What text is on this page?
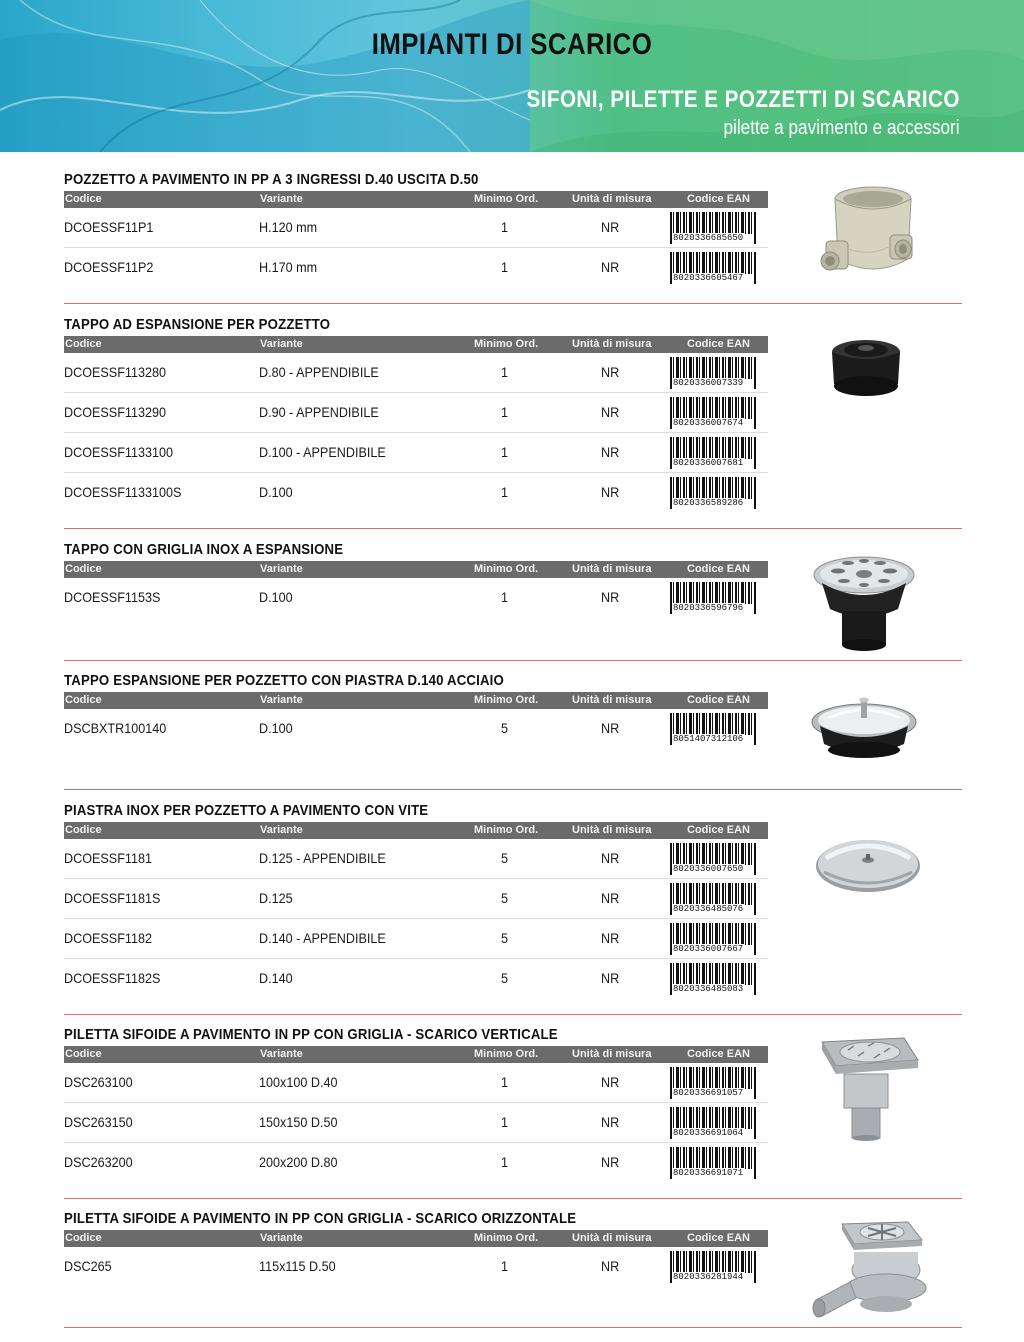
IMPIANTI DI SCARICO
SIFONI, PILETTE E POZZETTI DI SCARICO
pilette a pavimento e accessori
POZZETTO A PAVIMENTO IN PP A 3 INGRESSI D.40 USCITA D.50
Codice	Variante	Minimo Ord.	Unità di misura	Codice EAN
DCOESSF11P1	H.120 mm	1	NR
8020336685650
DCOESSF11P2	H.170 mm	1	NR
8020336605467
TAPPO AD ESPANSIONE PER POZZETTO
Codice	Variante	Minimo Ord.	Unità di misura	Codice EAN
DCOESSF113280	D.80 - APPENDIBILE	1	NR
8020336007339
DCOESSF113290	D.90 - APPENDIBILE	1	NR
8020336007674
DCOESSF1133100	D.100 - APPENDIBILE	1	NR
8020336007681
DCOESSF1133100S	D.100	1	NR
8020336589286
TAPPO CON GRIGLIA INOX A ESPANSIONE
Codice	Variante	Minimo Ord.	Unità di misura	Codice EAN
DCOESSF1153S	D.100	1	NR
8020336596796
TAPPO ESPANSIONE PER POZZETTO CON PIASTRA D.140 ACCIAIO
Codice	Variante	Minimo Ord.	Unità di misura	Codice EAN
DSCBXTR100140	D.100	5	NR
8051407312106
PIASTRA INOX PER POZZETTO A PAVIMENTO CON VITE
Codice	Variante	Minimo Ord.	Unità di misura	Codice EAN
DCOESSF1181	D.125 - APPENDIBILE	5	NR
8020336007650
DCOESSF1181S	D.125	5	NR
8020336485076
DCOESSF1182	D.140 - APPENDIBILE	5	NR
8020336007667
DCOESSF1182S	D.140	5	NR
8020336485083
PILETTA SIFOIDE A PAVIMENTO IN PP CON GRIGLIA - SCARICO VERTICALE
Codice	Variante	Minimo Ord.	Unità di misura	Codice EAN
DSC263100	100x100 D.40	1	NR
8020336691057
DSC263150	150x150 D.50	1	NR
8020336691064
DSC263200	200x200 D.80	1	NR
8020336691071
PILETTA SIFOIDE A PAVIMENTO IN PP CON GRIGLIA - SCARICO ORIZZONTALE
Codice	Variante	Minimo Ord.	Unità di misura	Codice EAN
DSC265	115x115 D.50	1	NR
8020336281944
